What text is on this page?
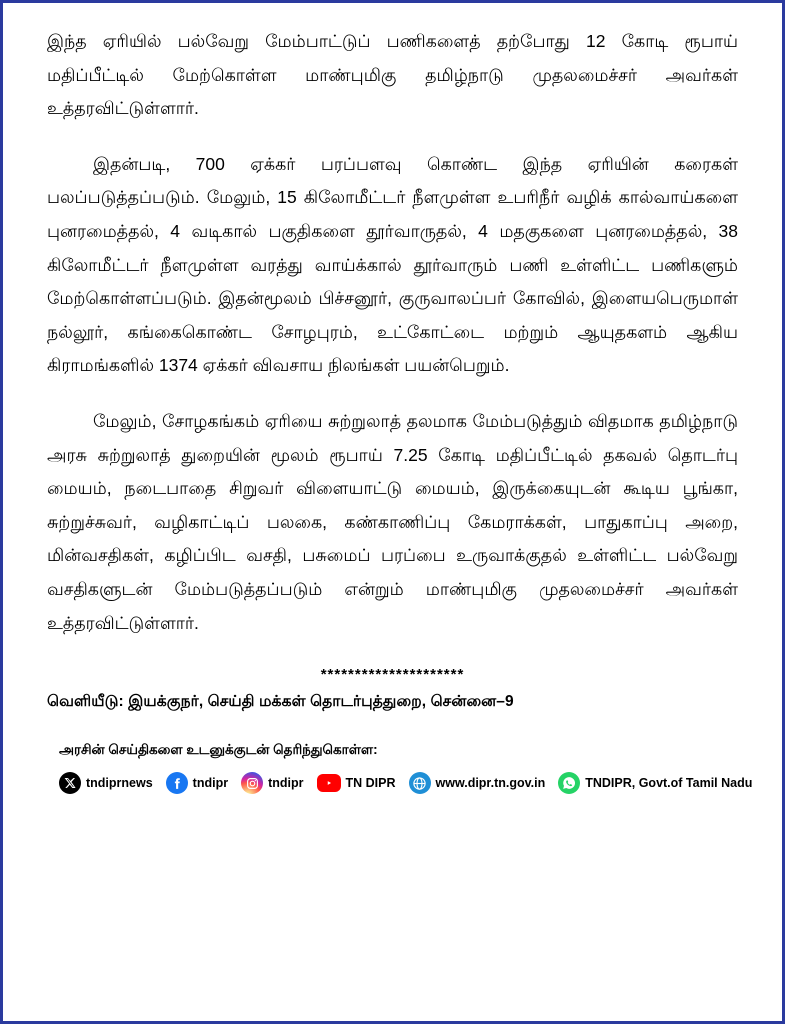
இந்த ஏரியில் பல்வேறு மேம்பாட்டுப் பணிகளைத் தற்போது 12 கோடி ரூபாய் மதிப்பீட்டில் மேற்கொள்ள மாண்புமிகு தமிழ்நாடு முதலமைச்சர் அவர்கள் உத்தரவிட்டுள்ளார்.

இதன்படி, 700 ஏக்கர் பரப்பளவு கொண்ட இந்த ஏரியின் கரைகள் பலப்படுத்தப்படும். மேலும், 15 கிலோமீட்டர் நீளமுள்ள உபரிநீர் வழிக் கால்வாய்களை புனரமைத்தல், 4 வடிகால் பகுதிகளை தூர்வாருதல், 4 மதகுகளை புனரமைத்தல், 38 கிலோமீட்டர் நீளமுள்ள வரத்து வாய்க்கால் தூர்வாரும் பணி உள்ளிட்ட பணிகளும் மேற்கொள்ளப்படும். இதன்மூலம் பிச்சனூர், குருவாலப்பர் கோவில், இளையபெருமாள் நல்லூர், கங்கைகொண்ட சோழபுரம், உட்கோட்டை மற்றும் ஆயுதகளம் ஆகிய கிராமங்களில் 1374 ஏக்கர் விவசாய நிலங்கள் பயன்பெறும்.

மேலும், சோழகங்கம் ஏரியை சுற்றுலாத் தலமாக மேம்படுத்தும் விதமாக தமிழ்நாடு அரசு சுற்றுலாத் துறையின் மூலம் ரூபாய் 7.25 கோடி மதிப்பீட்டில் தகவல் தொடர்பு மையம், நடைபாதை சிறுவர் விளையாட்டு மையம், இருக்கையுடன் கூடிய பூங்கா, சுற்றுச்சுவர், வழிகாட்டிப் பலகை, கண்காணிப்பு கேமராக்கள், பாதுகாப்பு அறை, மின்வசதிகள், கழிப்பிட வசதி, பசுமைப் பரப்பை உருவாக்குதல் உள்ளிட்ட பல்வேறு வசதிகளுடன் மேம்படுத்தப்படும் என்றும் மாண்புமிகு முதலமைச்சர் அவர்கள் உத்தரவிட்டுள்ளார்.

*********************
வெளியீடு: இயக்குநர், செய்தி மக்கள் தொடர்புத்துறை, சென்னை–9
அரசின் செய்திகளை உடனுக்குடன் தெரிந்துகொள்ள:
tndiprnews	tndipr	tndipr	TN DIPR	www.dipr.tn.gov.in	TNDIPR, Govt.of Tamil Nadu
